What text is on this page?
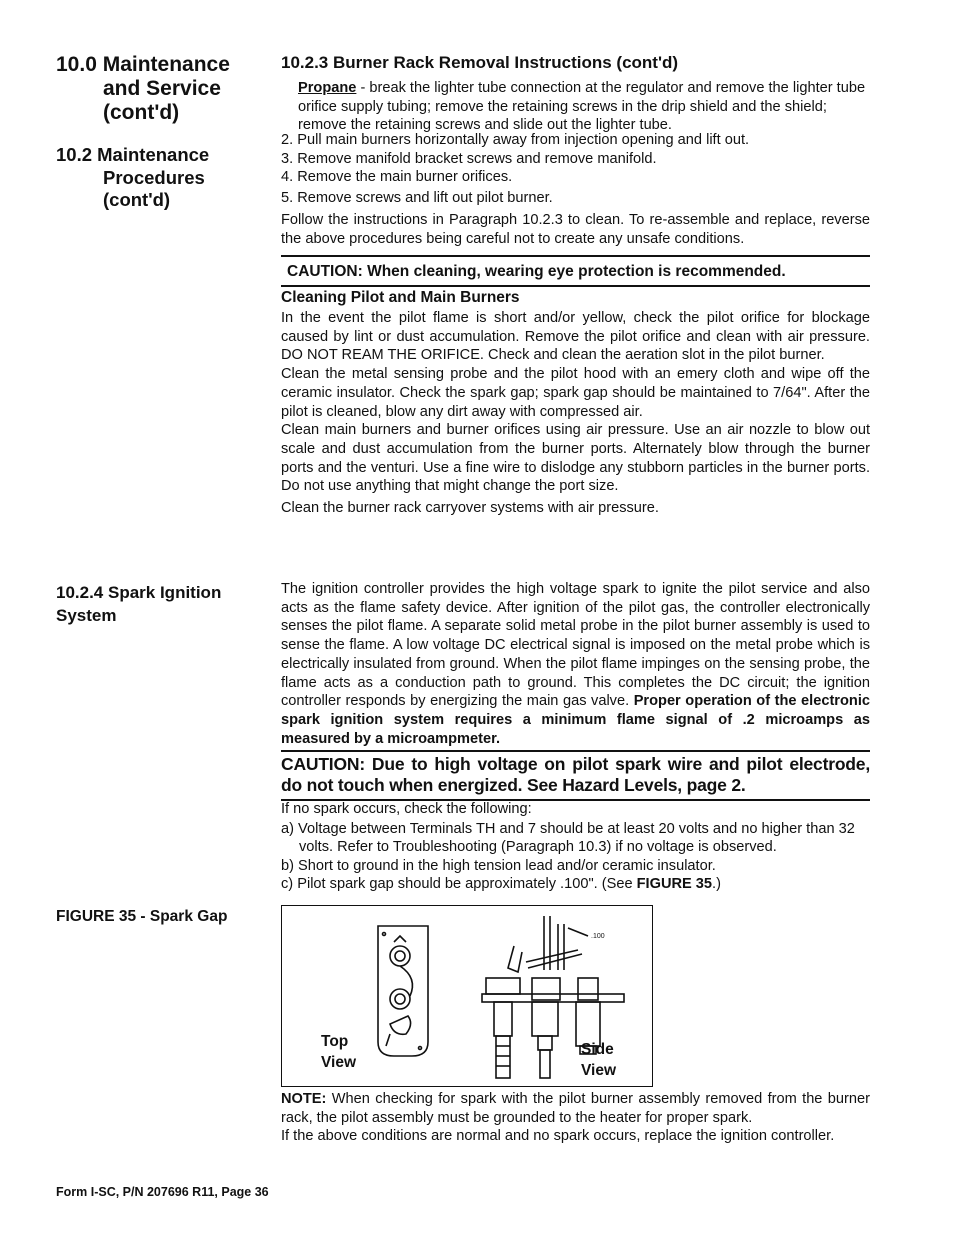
10.0 Maintenance
and Service
(cont'd)
10.2 Maintenance
Procedures
(cont'd)
10.2.4 Spark Ignition
System
FIGURE 35 - Spark Gap
10.2.3 Burner Rack Removal Instructions (cont'd)
Propane - break the lighter tube connection at the regulator and remove the lighter tube orifice supply tubing; remove the retaining screws in the drip shield and the shield; remove the retaining screws and slide out the lighter tube.
2. Pull main burners horizontally away from injection opening and lift out.
3. Remove manifold bracket screws and remove manifold.
4. Remove the main burner orifices.
5. Remove screws and lift out pilot burner.
Follow the instructions in Paragraph 10.2.3 to clean. To re-assemble and replace, reverse the above procedures being careful not to create any unsafe conditions.
CAUTION: When cleaning, wearing eye protection is recommended.
Cleaning Pilot and Main Burners
In the event the pilot flame is short and/or yellow, check the pilot orifice for blockage caused by lint or dust accumulation. Remove the pilot orifice and clean with air pressure. DO NOT REAM THE ORIFICE. Check and clean the aeration slot in the pilot burner.
Clean the metal sensing probe and the pilot hood with an emery cloth and wipe off the ceramic insulator. Check the spark gap; spark gap should be maintained to 7/64". After the pilot is cleaned, blow any dirt away with compressed air.
Clean main burners and burner orifices using air pressure. Use an air nozzle to blow out scale and dust accumulation from the burner ports. Alternately blow through the burner ports and the venturi. Use a fine wire to dislodge any stubborn particles in the burner ports. Do not use anything that might change the port size.
Clean the burner rack carryover systems with air pressure.
The ignition controller provides the high voltage spark to ignite the pilot service and also acts as the flame safety device. After ignition of the pilot gas, the controller electronically senses the pilot flame. A separate solid metal probe in the pilot burner assembly is used to sense the flame. A low voltage DC electrical signal is imposed on the metal probe which is electrically insulated from ground. When the pilot flame impinges on the sensing probe, the flame acts as a conduction path to ground. This completes the DC circuit; the ignition controller responds by energizing the main gas valve. Proper operation of the electronic spark ignition system requires a minimum flame signal of .2 microamps as measured by a microampmeter.
CAUTION: Due to high voltage on pilot spark wire and pilot electrode, do not touch when energized. See Hazard Levels, page 2.
If no spark occurs, check the following:
a) Voltage between Terminals TH and 7 should be at least 20 volts and no higher than 32 volts. Refer to Troubleshooting (Paragraph 10.3) if no voltage is observed.
b) Short to ground in the high tension lead and/or ceramic insulator.
c) Pilot spark gap should be approximately .100". (See FIGURE 35.)
.100
Top
View
Side
View
NOTE: When checking for spark with the pilot burner assembly removed from the burner rack, the pilot assembly must be grounded to the heater for proper spark.
If the above conditions are normal and no spark occurs, replace the ignition controller.
Form I-SC, P/N 207696 R11, Page 36
